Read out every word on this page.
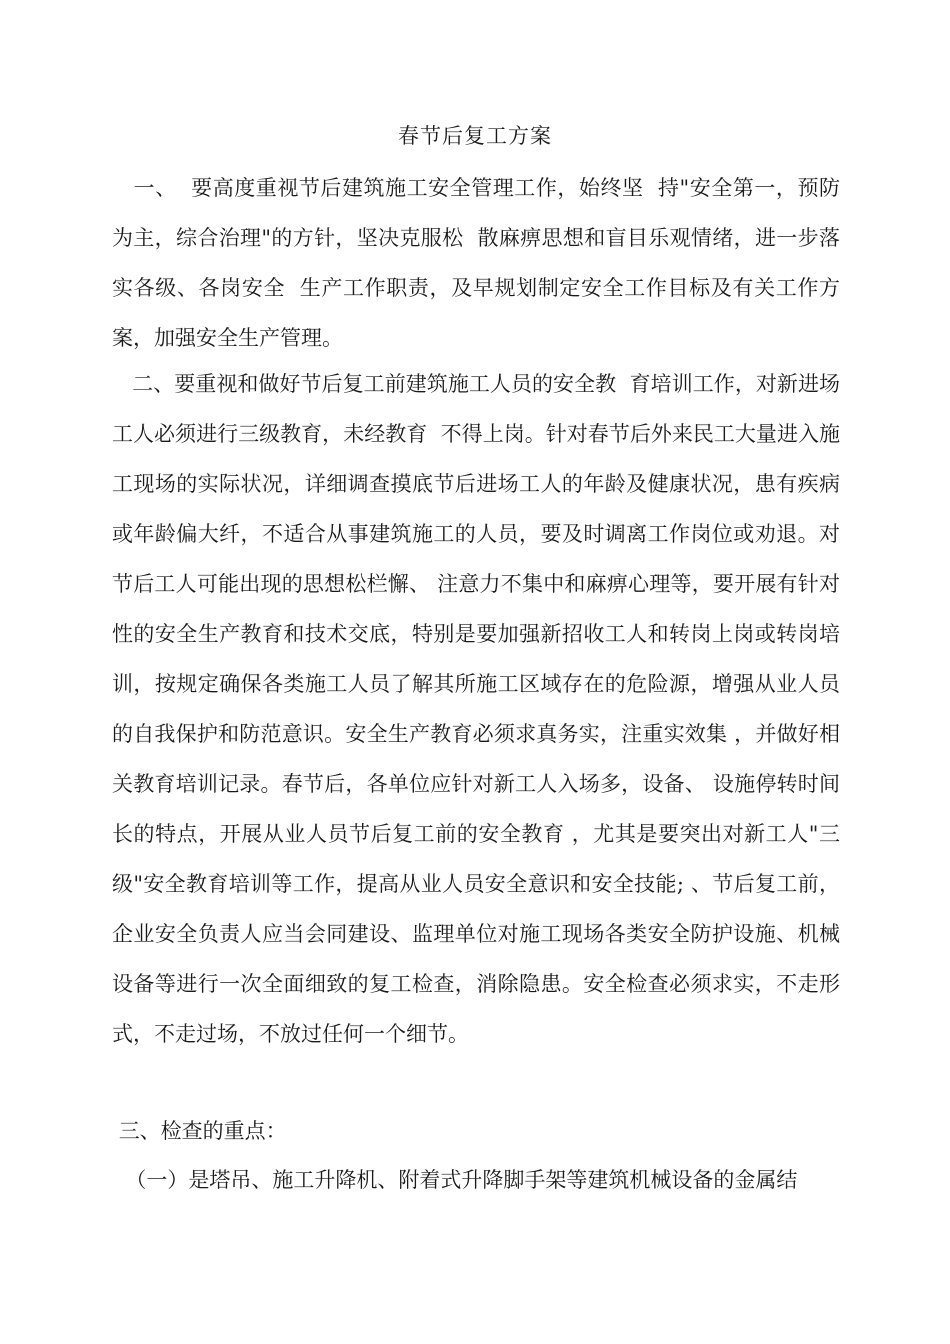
春节后复工方案
一、  要高度重视节后建筑施工安全管理工作，始终坚  持"安全第一，预防为主，综合治理"的方针，坚决克服松  散麻痹思想和盲目乐观情绪，进一步落实各级、各岗安全  生产工作职责，及早规划制定安全工作目标及有关工作方  案，加强安全生产管理。
二、要重视和做好节后复工前建筑施工人员的安全教  育培训工作，对新进场工人必须进行三级教育，未经教育  不得上岗。针对春节后外来民工大量进入施工现场的实际状况，详细调查摸底节后进场工人的年龄及健康状况，患有疾病或年龄偏大纤，不适合从事建筑施工的人员，要及时调离工作岗位或劝退。对节后工人可能出现的思想松栏懈、 注意力不集中和麻痹心理等，要开展有针对性的安全生产教育和技术交底，特别是要加强新招收工人和转岗上岗或转岗培训，按规定确保各类施工人员了解其所施工区域存在的危险源，增强从业人员的自我保护和防范意识。安全生产教育必须求真务实，注重实效集 ，并做好相关教育培训记录。春节后，各单位应针对新工人入场多，设备、 设施停转时间长的特点，开展从业人员节后复工前的安全教育 ，尤其是要突出对新工人"三级"安全教育培训等工作，提高从业人员安全意识和安全技能; 、节后复工前，企业安全负责人应当会同建设、监理单位对施工现场各类安全防护设施、机械设备等进行一次全面细致的复工检查，消除隐患。安全检查必须求实，不走形式，不走过场，不放过任何一个细节。
三、检查的重点：
（一）是塔吊、施工升降机、附着式升降脚手架等建筑机械设备的金属结
